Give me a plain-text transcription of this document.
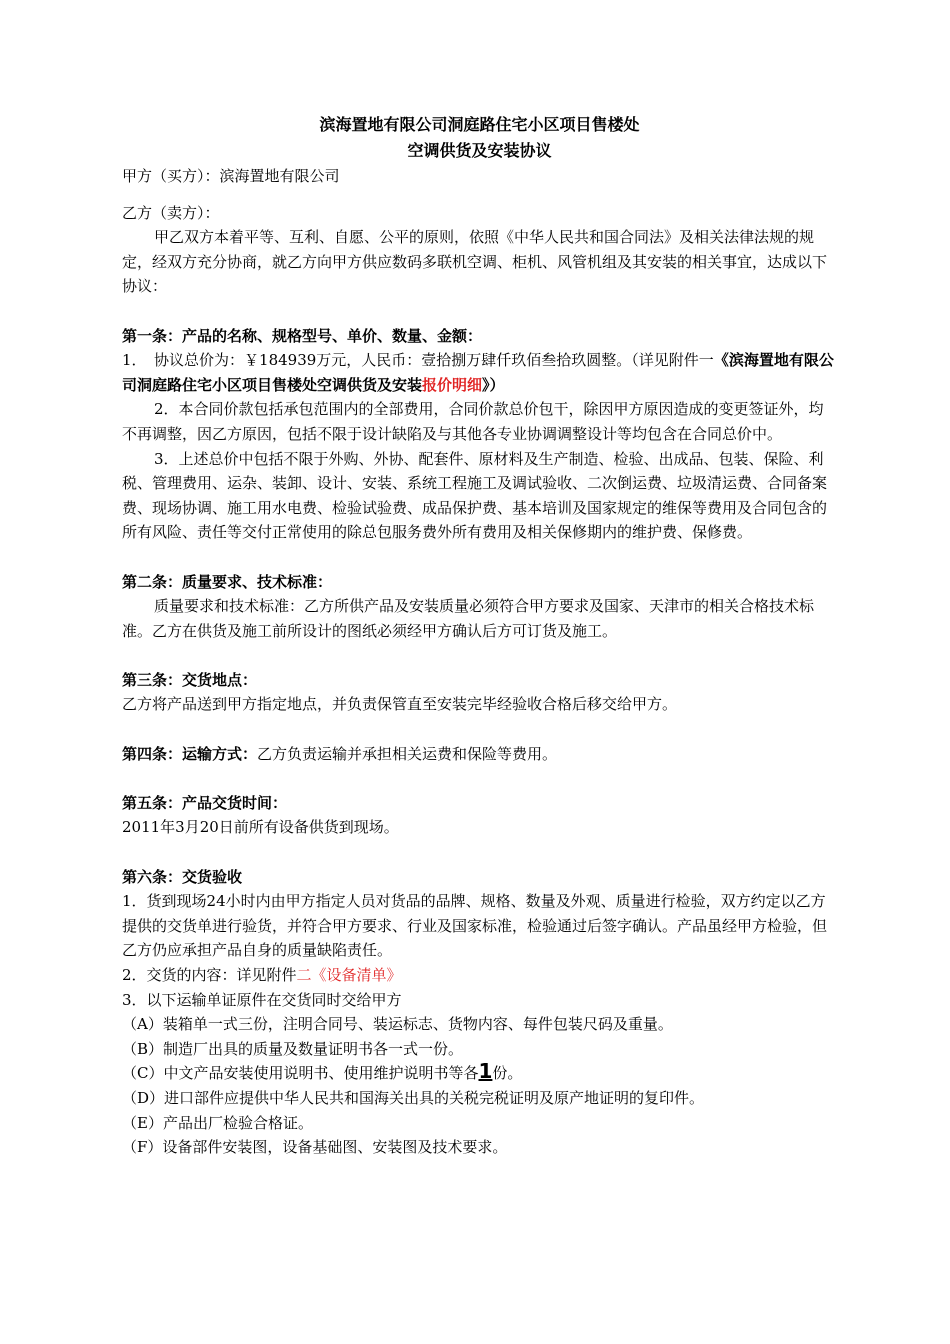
滨海置地有限公司洞庭路住宅小区项目售楼处

空调供货及安装协议

甲方（买方）：滨海置地有限公司

乙方（卖方）：

甲乙双方本着平等、互利、自愿、公平的原则，依照《中华人民共和国合同法》及相关法律法规的规定，经双方充分协商，就乙方向甲方供应数码多联机空调、柜机、风管机组及其安装的相关事宜，达成以下协议：

第一条：产品的名称、规格型号、单价、数量、金额：

1．　协议总价为：￥184939万元，人民币：壹拾捌万肆仟玖佰叁拾玖圆整。（详见附件一《滨海置地有限公司洞庭路住宅小区项目售楼处空调供货及安装报价明细》）

2．本合同价款包括承包范围内的全部费用，合同价款总价包干，除因甲方原因造成的变更签证外，均不再调整，因乙方原因，包括不限于设计缺陷及与其他各专业协调调整设计等均包含在合同总价中。

3．上述总价中包括不限于外购、外协、配套件、原材料及生产制造、检验、出成品、包装、保险、利税、管理费用、运杂、装卸、设计、安装、系统工程施工及调试验收、二次倒运费、垃圾清运费、合同备案费、现场协调、施工用水电费、检验试验费、成品保护费、基本培训及国家规定的维保等费用及合同包含的所有风险、责任等交付正常使用的除总包服务费外所有费用及相关保修期内的维护费、保修费。

第二条：质量要求、技术标准：

质量要求和技术标准：乙方所供产品及安装质量必须符合甲方要求及国家、天津市的相关合格技术标准。乙方在供货及施工前所设计的图纸必须经甲方确认后方可订货及施工。

第三条：交货地点：

乙方将产品送到甲方指定地点，并负责保管直至安装完毕经验收合格后移交给甲方。

第四条：运输方式：乙方负责运输并承担相关运费和保险等费用。

第五条：产品交货时间：

2011年3月20日前所有设备供货到现场。

第六条：交货验收

1．货到现场24小时内由甲方指定人员对货品的品牌、规格、数量及外观、质量进行检验，双方约定以乙方提供的交货单进行验货，并符合甲方要求、行业及国家标准，检验通过后签字确认。产品虽经甲方检验，但乙方仍应承担产品自身的质量缺陷责任。

2．交货的内容：详见附件二《设备清单》

3．以下运输单证原件在交货同时交给甲方

（A）装箱单一式三份，注明合同号、装运标志、货物内容、每件包装尺码及重量。

（B）制造厂出具的质量及数量证明书各一式一份。

（C）中文产品安装使用说明书、使用维护说明书等各1份。

（D）进口部件应提供中华人民共和国海关出具的关税完税证明及原产地证明的复印件。

（E）产品出厂检验合格证。

（F）设备部件安装图，设备基础图、安装图及技术要求。
